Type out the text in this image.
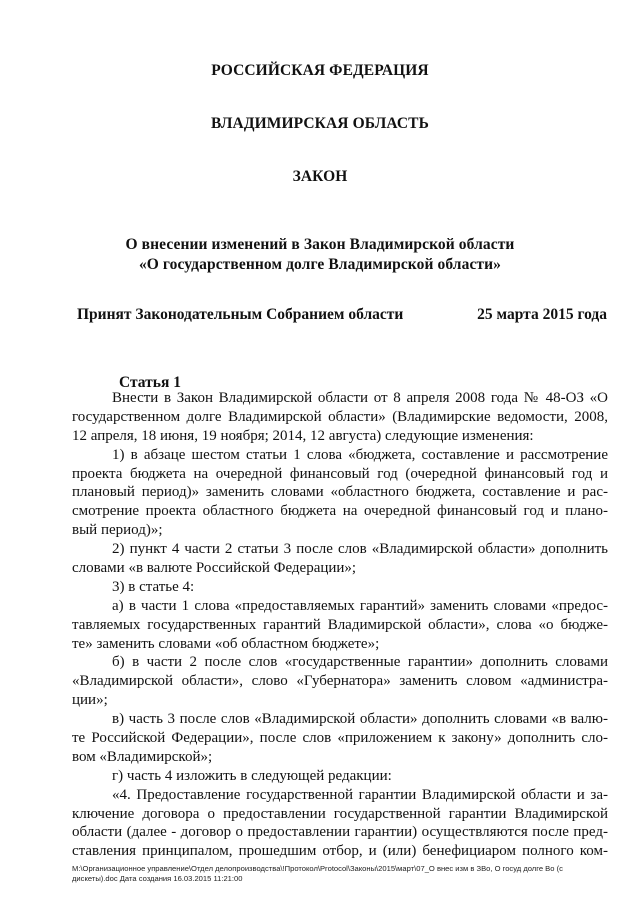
РОССИЙСКАЯ ФЕДЕРАЦИЯ
ВЛАДИМИРСКАЯ ОБЛАСТЬ
ЗАКОН
О внесении изменений в Закон Владимирской области
«О государственном долге Владимирской области»
Принят Законодательным Собранием области	25 марта 2015 года
Статья 1
Внести в Закон Владимирской области от 8 апреля 2008 года № 48-ОЗ «О
государственном долге Владимирской области» (Владимирские ведомости, 2008,
12 апреля, 18 июня, 19 ноября; 2014, 12 августа) следующие изменения:
1) в абзаце шестом статьи 1 слова «бюджета, составление и рассмотрение
проекта бюджета на очередной финансовый год (очередной финансовый год и
плановый период)» заменить словами «областного бюджета, составление и рас-
смотрение проекта областного бюджета на очередной финансовый год и плано-
вый период)»;
2) пункт 4 части 2 статьи 3 после слов «Владимирской области» дополнить
словами «в валюте Российской Федерации»;
3) в статье 4:
а) в части 1 слова «предоставляемых гарантий» заменить словами «предос-
тавляемых государственных гарантий Владимирской области», слова «о бюдже-
те» заменить словами «об областном бюджете»;
б) в части 2 после слов «государственные гарантии» дополнить словами
«Владимирской области», слово «Губернатора» заменить словом «администра-
ции»;
в) часть 3 после слов «Владимирской области» дополнить словами «в валю-
те Российской Федерации», после слов «приложением к закону» дополнить сло-
вом «Владимирской»;
г) часть 4 изложить в следующей редакции:
«4. Предоставление государственной гарантии Владимирской области и за-
ключение договора о предоставлении государственной гарантии Владимирской
области (далее - договор о предоставлении гарантии) осуществляются после пред-
ставления принципалом, прошедшим отбор, и (или) бенефициаром полного ком-
M:\Организационное управление\Отдел делопроизводства\!Протокол\Protocol\Законы\2015\март\07_О внес изм в ЗВо, О госуд долге Во (с
дискеты).doc Дата создания 16.03.2015 11:21:00
